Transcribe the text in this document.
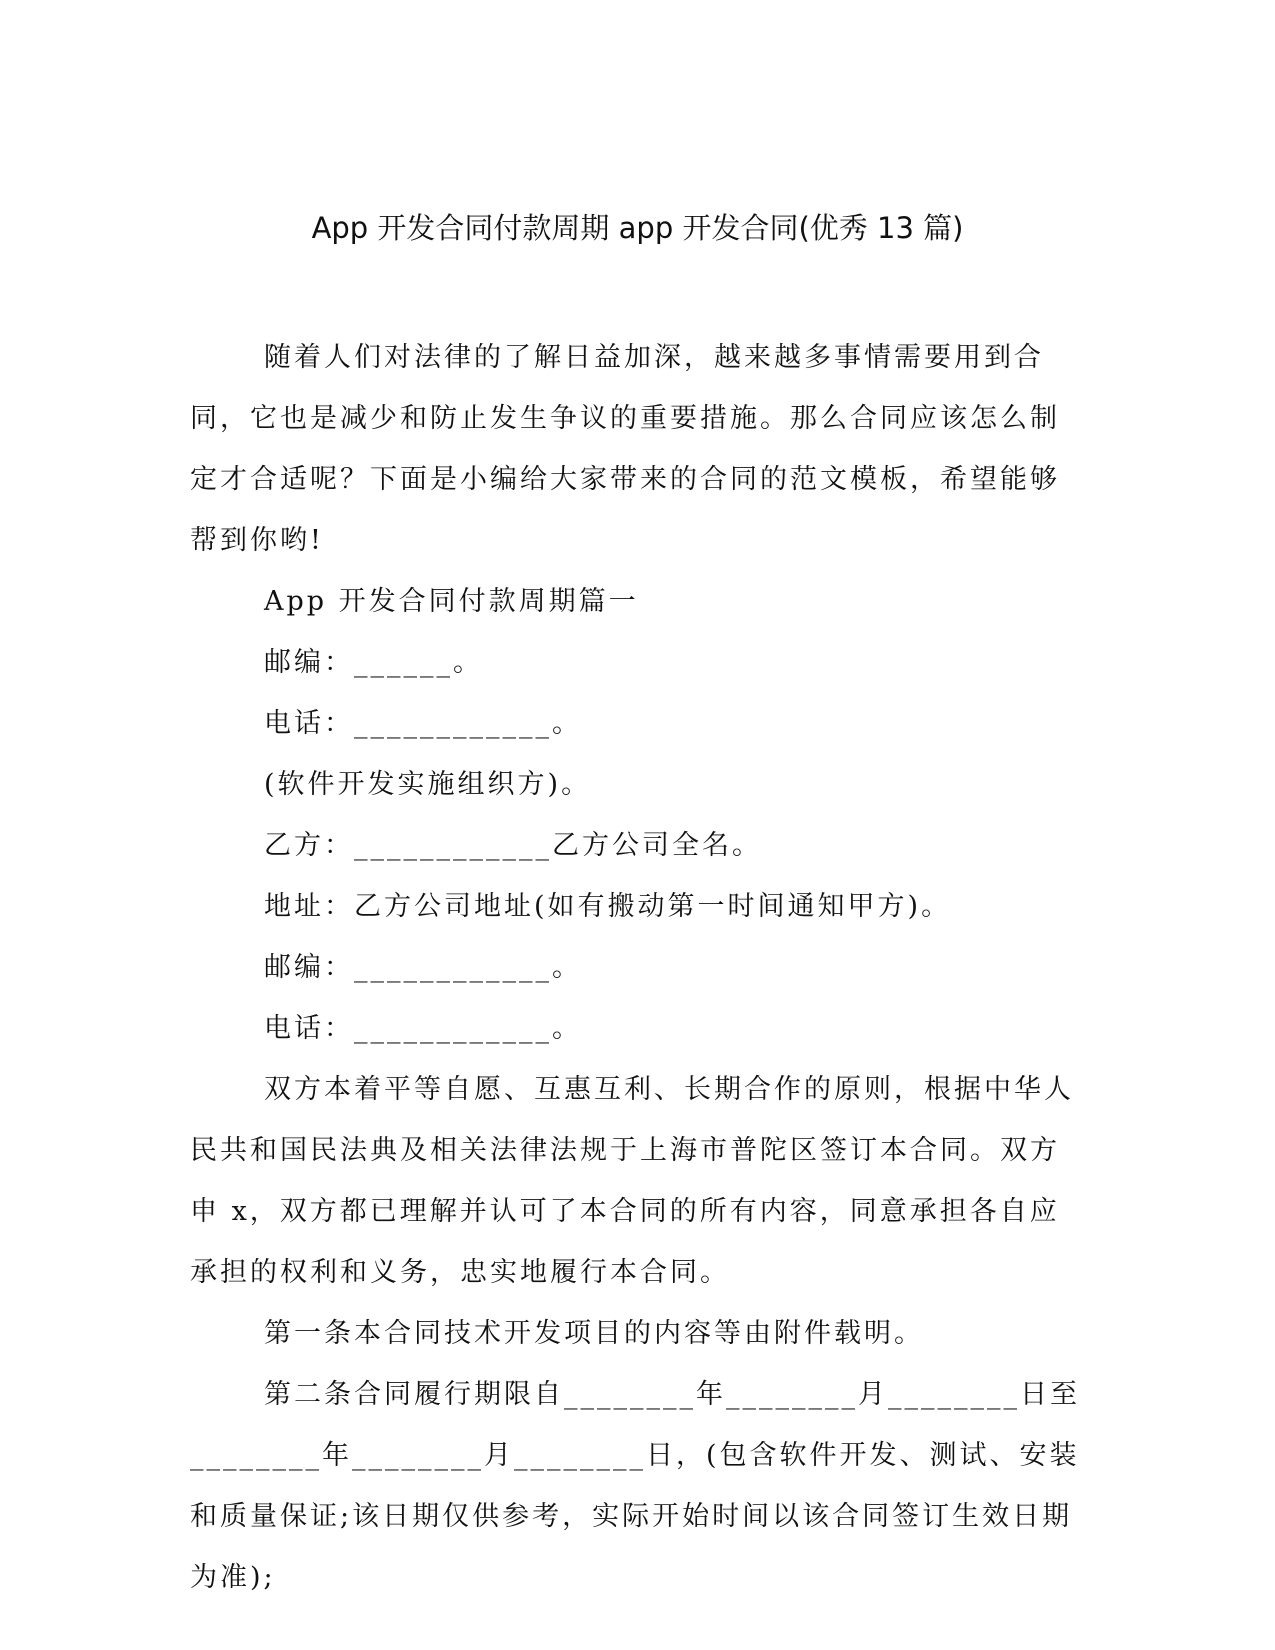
App 开发合同付款周期 app 开发合同(优秀 13 篇)

随着人们对法律的了解日益加深，越来越多事情需要用到合同，它也是减少和防止发生争议的重要措施。那么合同应该怎么制定才合适呢？下面是小编给大家带来的合同的范文模板，希望能够帮到你哟!

App 开发合同付款周期篇一

邮编：______。

电话：____________。

(软件开发实施组织方)。

乙方：____________乙方公司全名。

地址：乙方公司地址(如有搬动第一时间通知甲方)。

邮编：____________。

电话：____________。

双方本着平等自愿、互惠互利、长期合作的原则，根据中华人民共和国民法典及相关法律法规于上海市普陀区签订本合同。双方申 x，双方都已理解并认可了本合同的所有内容，同意承担各自应承担的权利和义务，忠实地履行本合同。

第一条本合同技术开发项目的内容等由附件载明。

第二条合同履行期限自________年________月________日至________年________月________日，(包含软件开发、测试、安装和质量保证;该日期仅供参考，实际开始时间以该合同签订生效日期为准);
